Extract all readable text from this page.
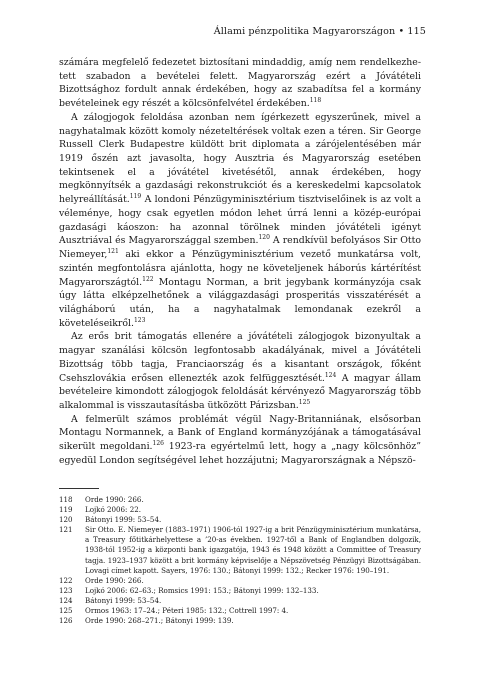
Állami pénzpolitika Magyarországon • 115

számára megfelelő fedezetet biztosítani mindaddig, amíg nem rendelkezhe-tett szabadon a bevételei felett. Magyarország ezért a Jóvátételi Bizottsághoz fordult annak érdekében, hogy az szabadítsa fel a kormány bevételeinek egy részét a kölcsönfelvétel érdekében.$^{118}$

A zálogjogok feloldása azonban nem ígérkezett egyszerűnek, mivel a nagyhatalmak között komoly nézeteltérések voltak ezen a téren. Sir George Russell Clerk Budapestre küldött brit diplomata a zárójelentésében már 1919 őszén azt javasolta, hogy Ausztria és Magyarország esetében tekintsenek el a jóvátétel kivetésétől, annak érdekében, hogy megkönnyítsék a gazdasági rekonstrukciót és a kereskedelmi kapcsolatok helyreállítását.$^{119}$ A londoni Pénzügyminisztérium tisztviselőinek is az volt a véleménye, hogy csak egyetlen módon lehet úrrá lenni a közép-európai gazdasági káoszon: ha azonnal törölnek minden jóvátételi igényt Ausztriával és Magyarországgal szemben.$^{120}$ A rendkívül befolyásos Sir Otto Niemeyer,$^{121}$ aki ekkor a Pénzügyminisztérium vezető munkatársa volt, szintén megfontolásra ajánlotta, hogy ne követeljenek háborús kártérítést Magyarországtól.$^{122}$ Montagu Norman, a brit jegybank kormányzója csak úgy látta elképzelhetőnek a világgazdasági prosperitás visszatérését a világháború után, ha a nagyhatalmak lemondanak ezekről a követeléseikről.$^{123}$

Az erős brit támogatás ellenére a jóvátételi zálogjogok bizonyultak a magyar szanálási kölcsön legfontosabb akadályának, mivel a Jóvátételi Bizottság több tagja, Franciaország és a kisantant országok, főként Csehszlovákia erősen ellenezték azok felfüggesztését.$^{124}$ A magyar állam bevételeire kimondott zálogjogok feloldását kérvényező Magyarország több alkalommal is visszautasításba ütközött Párizsban.$^{125}$

A felmerült számos problémát végül Nagy-Britanniának, elsősorban Montagu Normannek, a Bank of England kormányzójának a támogatásával sikerült megoldani.$^{126}$ 1923-ra egyértelmű lett, hogy a „nagy kölcsönhöz” egyedül London segítségével lehet hozzájutni; Magyarországnak a Népszö-

118	Orde 1990: 266.
119	Lojkó 2006: 22.
120	Bátonyi 1999: 53–54.
121	Sir Otto. E. Niemeyer (1883–1971) 1906-tól 1927-ig a brit Pénzügyminisztérium munkatársa, a Treasury főtitkárhelyettese a ’20-as években. 1927-től a Bank of Englandben dolgozik, 1938-tól 1952-ig a központi bank igazgatója, 1943 és 1948 között a Committee of Treasury tagja. 1923–1937 között a brit kormány képviselője a Népszövetség Pénzügyi Bizottságában. Lovagi címet kapott. Sayers, 1976: 130.; Bátonyi 1999: 132.; Recker 1976: 190–191.
122	Orde 1990: 266.
123	Lojkó 2006: 62–63.; Romsics 1991: 153.; Bátonyi 1999: 132–133.
124	Bátonyi 1999: 53–54.
125	Ormos 1963: 17–24.; Péteri 1985: 132.; Cottrell 1997: 4.
126	Orde 1990: 268–271.; Bátonyi 1999: 139.
